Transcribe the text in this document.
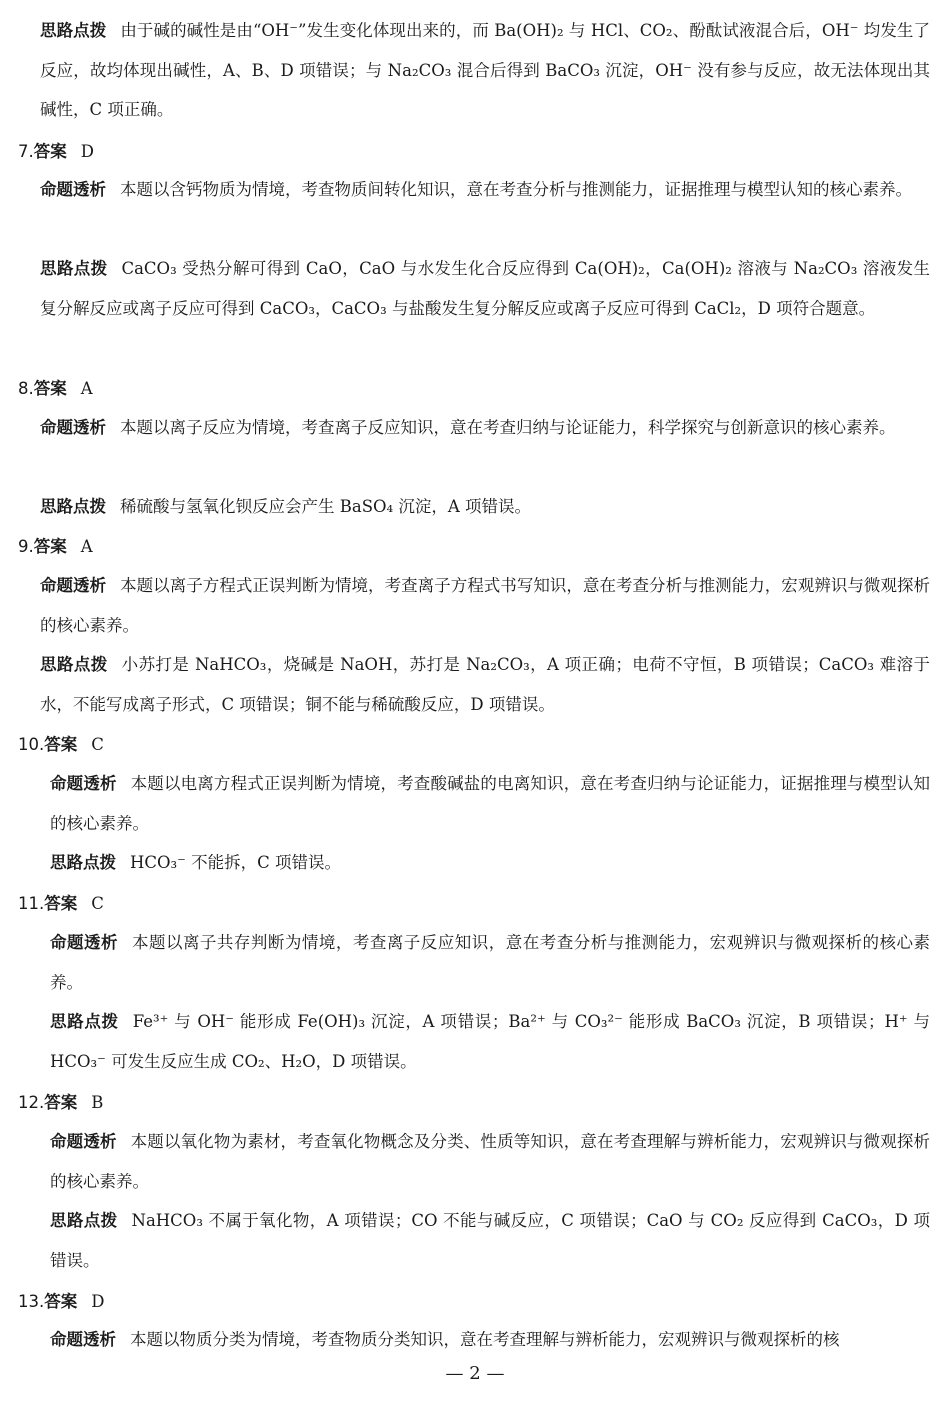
思路点拨 由于碱的碱性是由“OH⁻”发生变化体现出来的，而 Ba(OH)₂ 与 HCl、CO₂、酚酞试液混合后，OH⁻ 均发生了反应，故均体现出碱性，A、B、D 项错误；与 Na₂CO₃ 混合后得到 BaCO₃ 沉淀，OH⁻ 没有参与反应，故无法体现出其碱性，C 项正确。
7.答案 D
命题透析 本题以含钙物质为情境，考查物质间转化知识，意在考查分析与推测能力，证据推理与模型认知的核心素养。
思路点拨 CaCO₃ 受热分解可得到 CaO，CaO 与水发生化合反应得到 Ca(OH)₂，Ca(OH)₂ 溶液与 Na₂CO₃ 溶液发生复分解反应或离子反应可得到 CaCO₃，CaCO₃ 与盐酸发生复分解反应或离子反应可得到 CaCl₂，D 项符合题意。
8.答案 A
命题透析 本题以离子反应为情境，考查离子反应知识，意在考查归纳与论证能力，科学探究与创新意识的核心素养。
思路点拨 稀硫酸与氢氧化钡反应会产生 BaSO₄ 沉淀，A 项错误。
9.答案 A
命题透析 本题以离子方程式正误判断为情境，考查离子方程式书写知识，意在考查分析与推测能力，宏观辨识与微观探析的核心素养。
思路点拨 小苏打是 NaHCO₃，烧碱是 NaOH，苏打是 Na₂CO₃，A 项正确；电荷不守恒，B 项错误；CaCO₃ 难溶于水，不能写成离子形式，C 项错误；铜不能与稀硫酸反应，D 项错误。
10.答案 C
命题透析 本题以电离方程式正误判断为情境，考查酸碱盐的电离知识，意在考查归纳与论证能力，证据推理与模型认知的核心素养。
思路点拨 HCO₃⁻ 不能拆，C 项错误。
11.答案 C
命题透析 本题以离子共存判断为情境，考查离子反应知识，意在考查分析与推测能力，宏观辨识与微观探析的核心素养。
思路点拨 Fe³⁺ 与 OH⁻ 能形成 Fe(OH)₃ 沉淀，A 项错误；Ba²⁺ 与 CO₃²⁻ 能形成 BaCO₃ 沉淀，B 项错误；H⁺ 与 HCO₃⁻ 可发生反应生成 CO₂、H₂O，D 项错误。
12.答案 B
命题透析 本题以氧化物为素材，考查氧化物概念及分类、性质等知识，意在考查理解与辨析能力，宏观辨识与微观探析的核心素养。
思路点拨 NaHCO₃ 不属于氧化物，A 项错误；CO 不能与碱反应，C 项错误；CaO 与 CO₂ 反应得到 CaCO₃，D 项错误。
13.答案 D
命题透析 本题以物质分类为情境，考查物质分类知识，意在考查理解与辨析能力，宏观辨识与微观探析的核
— 2 —
